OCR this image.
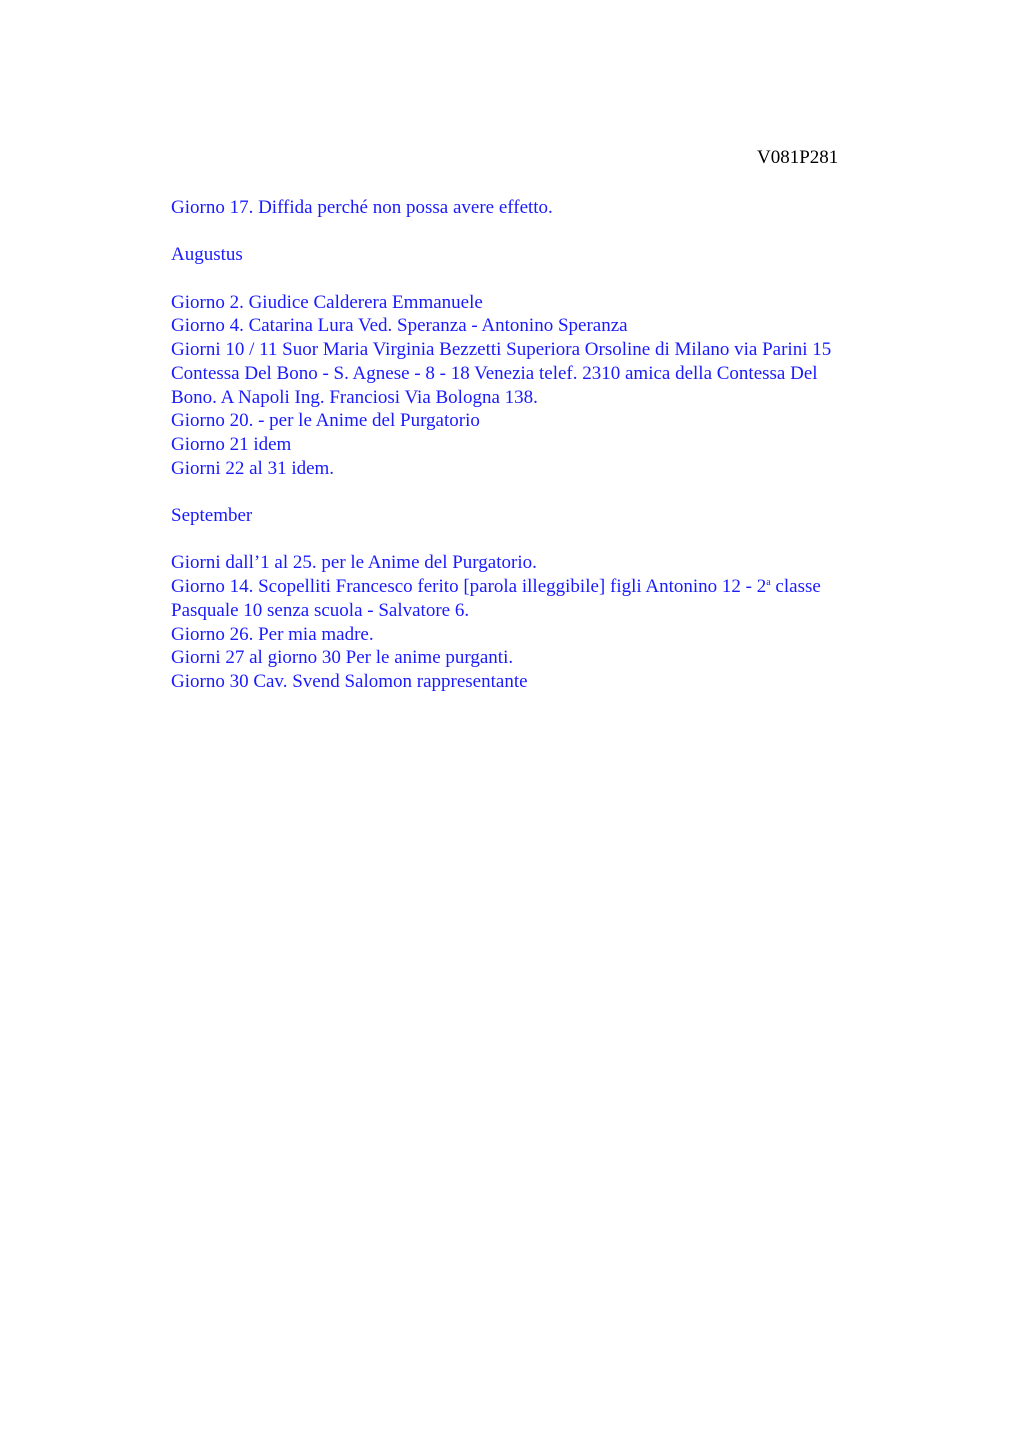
V081P281

Giorno 17. Diffida perché non possa avere effetto.

Augustus

Giorno 2. Giudice Calderera Emmanuele

Giorno 4. Catarina Lura Ved. Speranza - Antonino Speranza

Giorni 10 / 11 Suor Maria Virginia Bezzetti Superiora Orsoline di Milano via Parini 15

Contessa Del Bono - S. Agnese - 8 - 18 Venezia telef. 2310 amica della Contessa Del

Bono. A Napoli Ing. Franciosi Via Bologna 138.

Giorno 20. - per le Anime del Purgatorio

Giorno 21 idem

Giorni 22 al 31 idem.

September

Giorni dall’1 al 25. per le Anime del Purgatorio.

Giorno 14. Scopelliti Francesco ferito [parola illeggibile] figli Antonino 12 - 2$^a$ classe

Pasquale 10 senza scuola - Salvatore 6.

Giorno 26. Per mia madre.

Giorni 27 al giorno 30 Per le anime purganti.

Giorno 30 Cav. Svend Salomon rappresentante
